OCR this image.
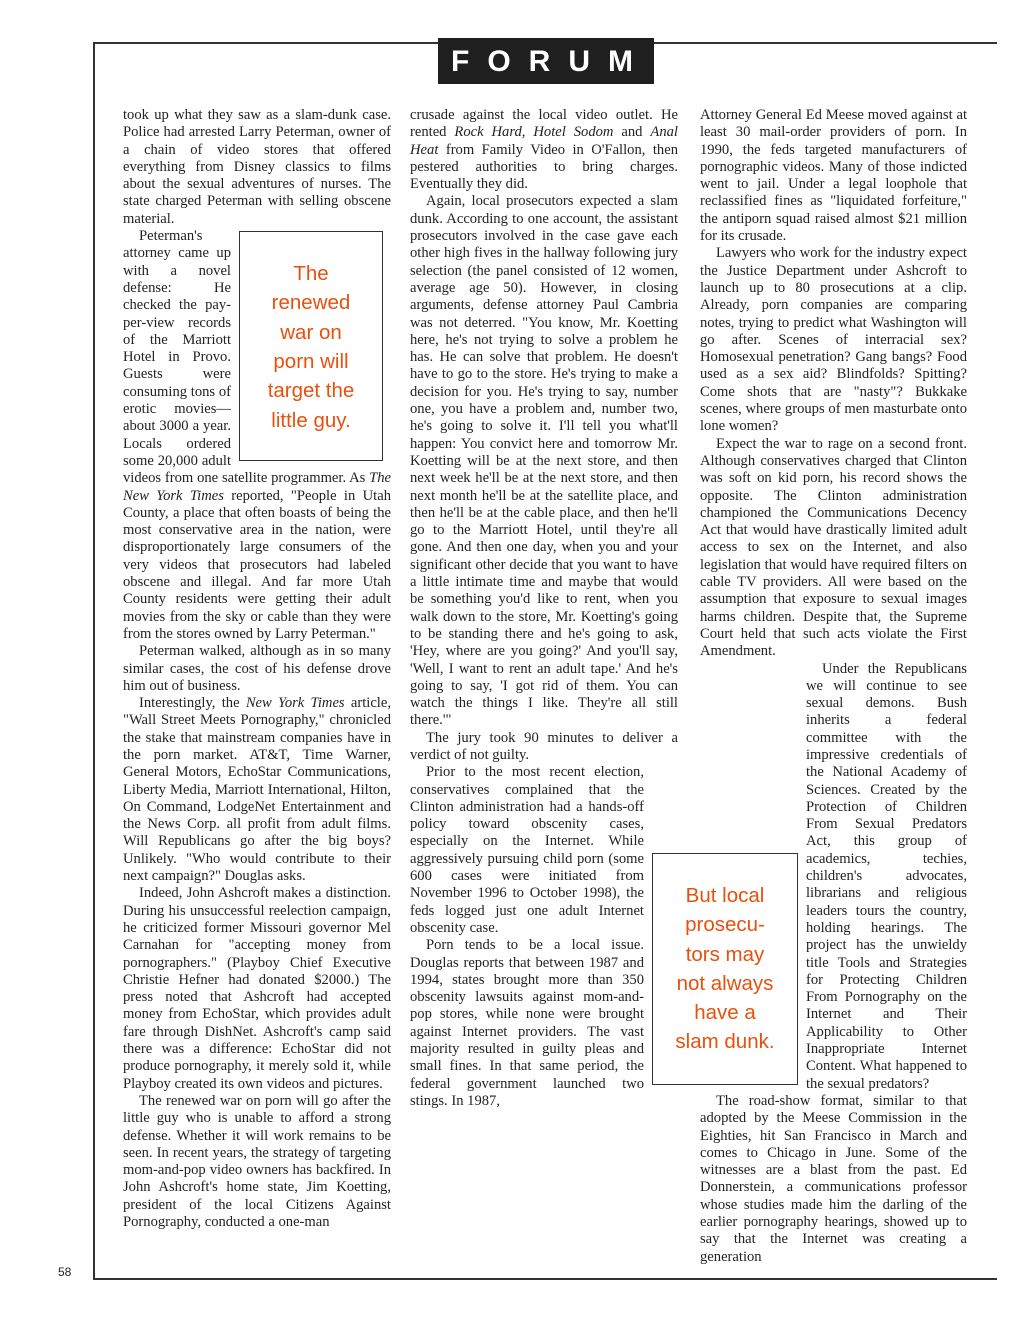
FORUM

took up what they saw as a slam-dunk case. Police had arrested Larry Peterman, owner of a chain of video stores that offered everything from Disney classics to films about the sexual adventures of nurses. The state charged Peterman with selling obscene material.

The
renewed
war on
porn will
target the
little guy.

Peterman's attorney came up with a novel defense: He checked the pay-per-view records of the Marriott Hotel in Provo. Guests were consuming tons of erotic movies—about 3000 a year. Locals ordered some 20,000 adult videos from one satellite programmer. As The New York Times reported, "People in Utah County, a place that often boasts of being the most conservative area in the nation, were disproportionately large consumers of the very videos that prosecutors had labeled obscene and illegal. And far more Utah County residents were getting their adult movies from the sky or cable than they were from the stores owned by Larry Peterman."

Peterman walked, although as in so many similar cases, the cost of his defense drove him out of business.

Interestingly, the New York Times article, "Wall Street Meets Pornography," chronicled the stake that mainstream companies have in the porn market. AT&T, Time Warner, General Motors, EchoStar Communications, Liberty Media, Marriott International, Hilton, On Command, LodgeNet Entertainment and the News Corp. all profit from adult films. Will Republicans go after the big boys? Unlikely. "Who would contribute to their next campaign?" Douglas asks.

Indeed, John Ashcroft makes a distinction. During his unsuccessful reelection campaign, he criticized former Missouri governor Mel Carnahan for "accepting money from pornographers." (Playboy Chief Executive Christie Hefner had donated $2000.) The press noted that Ashcroft had accepted money from EchoStar, which provides adult fare through DishNet. Ashcroft's camp said there was a difference: EchoStar did not produce pornography, it merely sold it, while Playboy created its own videos and pictures.

The renewed war on porn will go after the little guy who is unable to afford a strong defense. Whether it will work remains to be seen. In recent years, the strategy of targeting mom-and-pop video owners has backfired. In John Ashcroft's home state, Jim Koetting, president of the local Citizens Against Pornography, conducted a one-man

crusade against the local video outlet. He rented Rock Hard, Hotel Sodom and Anal Heat from Family Video in O'Fallon, then pestered authorities to bring charges. Eventually they did.

Again, local prosecutors expected a slam dunk. According to one account, the assistant prosecutors involved in the case gave each other high fives in the hallway following jury selection (the panel consisted of 12 women, average age 50). However, in closing arguments, defense attorney Paul Cambria was not deterred. "You know, Mr. Koetting here, he's not trying to solve a problem he has. He can solve that problem. He doesn't have to go to the store. He's trying to make a decision for you. He's trying to say, number one, you have a problem and, number two, he's going to solve it. I'll tell you what'll happen: You convict here and tomorrow Mr. Koetting will be at the next store, and then next week he'll be at the next store, and then next month he'll be at the satellite place, and then he'll be at the cable place, and then he'll go to the Marriott Hotel, until they're all gone. And then one day, when you and your significant other decide that you want to have a little intimate time and maybe that would be something you'd like to rent, when you walk down to the store, Mr. Koetting's going to be standing there and he's going to ask, 'Hey, where are you going?' And you'll say, 'Well, I want to rent an adult tape.' And he's going to say, 'I got rid of them. You can watch the things I like. They're all still there.'"

The jury took 90 minutes to deliver a verdict of not guilty.

Prior to the most recent election, conservatives complained that the Clinton administration had a hands-off policy toward obscenity cases, especially on the Internet. While aggressively pursuing child porn (some 600 cases were initiated from November 1996 to October 1998), the feds logged just one adult Internet obscenity case.

Porn tends to be a local issue. Douglas reports that between 1987 and 1994, states brought more than 350 obscenity lawsuits against mom-and-pop stores, while none were brought against Internet providers. The vast majority resulted in guilty pleas and small fines. In that same period, the federal government launched two stings. In 1987,

Attorney General Ed Meese moved against at least 30 mail-order providers of porn. In 1990, the feds targeted manufacturers of pornographic videos. Many of those indicted went to jail. Under a legal loophole that reclassified fines as "liquidated forfeiture," the antiporn squad raised almost $21 million for its crusade.

Lawyers who work for the industry expect the Justice Department under Ashcroft to launch up to 80 prosecutions at a clip. Already, porn companies are comparing notes, trying to predict what Washington will go after. Scenes of interracial sex? Homosexual penetration? Gang bangs? Food used as a sex aid? Blindfolds? Spitting? Come shots that are "nasty"? Bukkake scenes, where groups of men masturbate onto lone women?

Expect the war to rage on a second front. Although conservatives charged that Clinton was soft on kid porn, his record shows the opposite. The Clinton administration championed the Communications Decency Act that would have drastically limited adult access to sex on the Internet, and also legislation that would have required filters on cable TV providers. All were based on the assumption that exposure to sexual images harms children. Despite that, the Supreme Court held that such acts violate the First Amendment.

Under the Republicans we will continue to see sexual demons. Bush inherits a federal committee with the impressive credentials of the National Academy of Sciences. Created by the Protection of Children From Sexual Predators Act, this group of academics, techies, children's advocates, librarians and religious leaders tours the country, holding hearings. The project has the unwieldy title Tools and Strategies for Protecting Children From Pornography on the Internet and Their Applicability to Other Inappropriate Internet Content. What happened to the sexual predators?

The road-show format, similar to that adopted by the Meese Commission in the Eighties, hit San Francisco in March and comes to Chicago in June. Some of the witnesses are a blast from the past. Ed Donnerstein, a communications professor whose studies made him the darling of the earlier pornography hearings, showed up to say that the Internet was creating a generation

But local
prosecu-
tors may
not always
have a
slam dunk.
58
